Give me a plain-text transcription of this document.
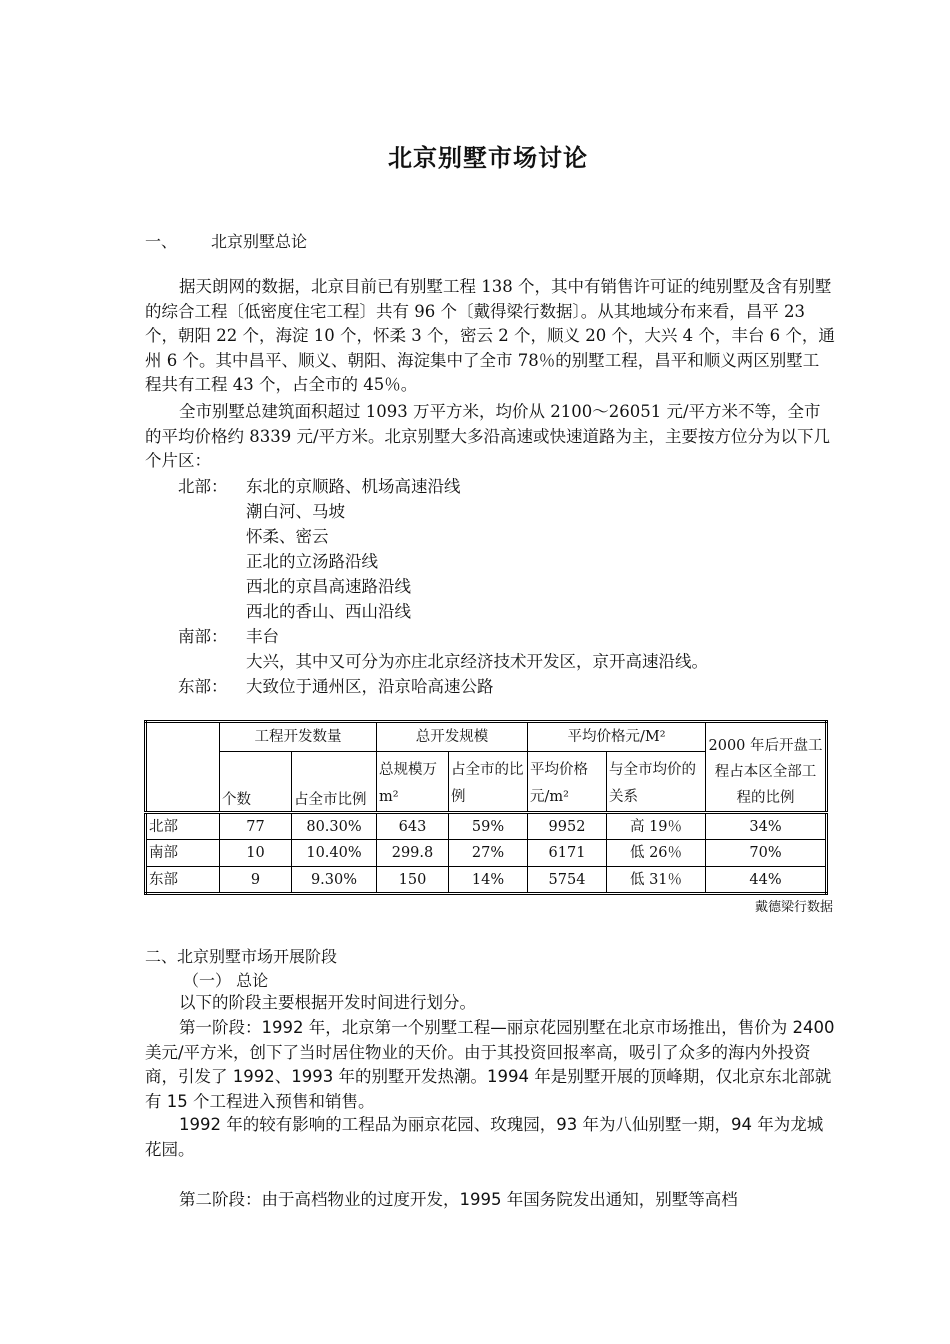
北京别墅市场讨论
一、 北京别墅总论
据天朗网的数据，北京目前已有别墅工程 138 个，其中有销售许可证的纯别墅及含有别墅的综合工程〔低密度住宅工程〕共有 96 个〔戴得梁行数据〕。从其地域分布来看，昌平 23 个，朝阳 22 个，海淀 10 个，怀柔 3 个，密云 2 个，顺义 20 个，大兴 4 个，丰台 6 个，通州 6 个。其中昌平、顺义、朝阳、海淀集中了全市 78％的别墅工程，昌平和顺义两区别墅工程共有工程 43 个，占全市的 45％。
全市别墅总建筑面积超过 1093 万平方米，均价从 2100～26051 元/平方米不等，全市的平均价格约 8339 元/平方米。北京别墅大多沿高速或快速道路为主，主要按方位分为以下几个片区：
北部： 东北的京顺路、机场高速沿线
潮白河、马坡
怀柔、密云
正北的立汤路沿线
西北的京昌高速路沿线
西北的香山、西山沿线
南部： 丰台
大兴，其中又可分为亦庄北京经济技术开发区，京开高速沿线。
东部： 大致位于通州区，沿京哈高速公路
	工程开发数量		总开发规模		平均价格元/M²		2000 年后开盘工程占本区全部工程的比例
	个数	占全市比例	总规模万 m²	占全市的比例	平均价格元/m²	与全市均价的关系	
北部	77	80.30%	643	59%	9952	高 19％	34%
南部	10	10.40%	299.8	27%	6171	低 26％	70%
东部	9	9.30%	150	14%	5754	低 31％	44%
戴德梁行数据
二、北京别墅市场开展阶段
（一） 总论
以下的阶段主要根据开发时间进行划分。
第一阶段：1992 年，北京第一个别墅工程—丽京花园别墅在北京市场推出，售价为 2400 美元/平方米，创下了当时居住物业的天价。由于其投资回报率高，吸引了众多的海内外投资商，引发了 1992、1993 年的别墅开发热潮。1994 年是别墅开展的顶峰期，仅北京东北部就有 15 个工程进入预售和销售。
1992 年的较有影响的工程品为丽京花园、玫瑰园，93 年为八仙别墅一期，94 年为龙城花园。
第二阶段：由于高档物业的过度开发，1995 年国务院发出通知，别墅等高档
